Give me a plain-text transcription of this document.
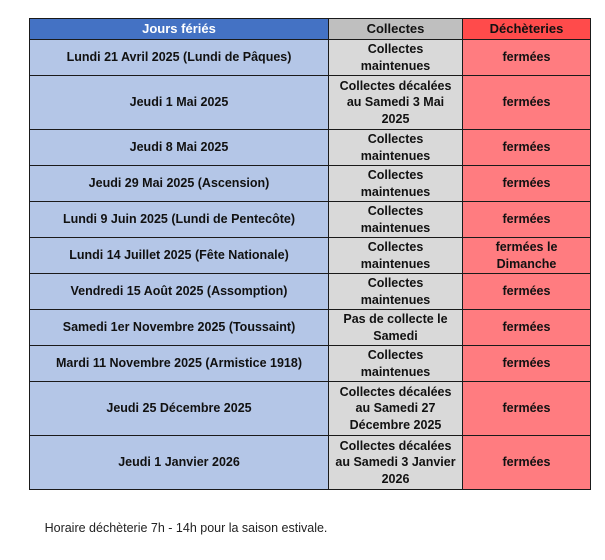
Jours fériés	Collectes	Déchèteries
Lundi 21 Avril 2025 (Lundi de Pâques)	Collectes maintenues	fermées
Jeudi 1 Mai 2025	Collectes décalées au Samedi 3 Mai 2025	fermées
Jeudi 8 Mai 2025	Collectes maintenues	fermées
Jeudi 29 Mai 2025 (Ascension)	Collectes maintenues	fermées
Lundi 9 Juin 2025 (Lundi de Pentecôte)	Collectes maintenues	fermées
Lundi 14 Juillet 2025 (Fête Nationale)	Collectes maintenues	fermées le Dimanche
Vendredi 15 Août 2025 (Assomption)	Collectes maintenues	fermées
Samedi 1er Novembre 2025 (Toussaint)	Pas de collecte le Samedi	fermées
Mardi 11 Novembre 2025 (Armistice 1918)	Collectes maintenues	fermées
Jeudi 25 Décembre 2025	Collectes décalées au Samedi 27 Décembre 2025	fermées
Jeudi 1 Janvier 2026	Collectes décalées au Samedi 3 Janvier 2026	fermées
Horaire déchèterie 7h - 14h pour la saison estivale.
